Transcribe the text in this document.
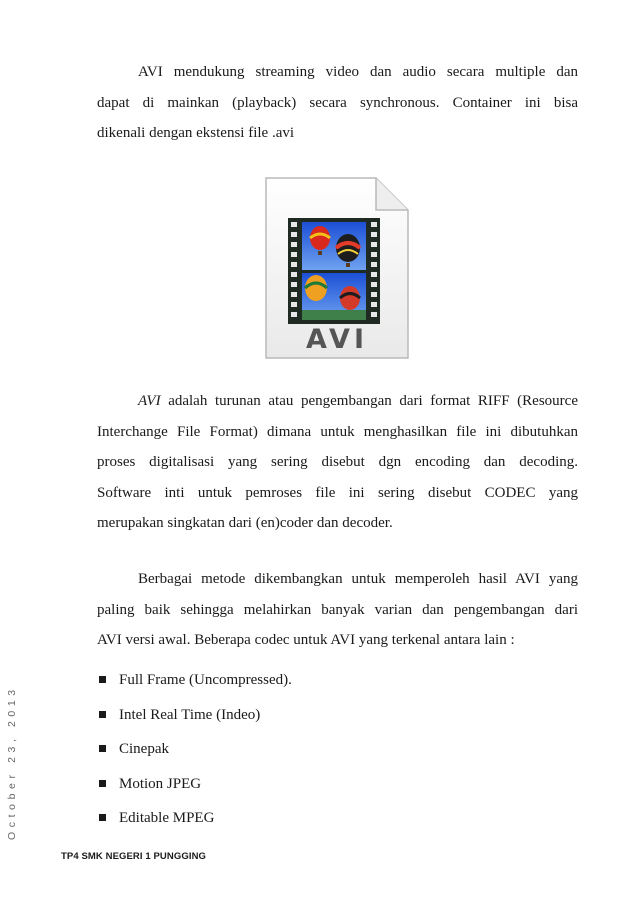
October 23, 2013

AVI mendukung streaming video dan audio secara multiple dan

dapat di mainkan (playback) secara synchronous. Container ini bisa

dikenali dengan ekstensi file .avi

AVI

AVI adalah turunan atau pengembangan dari format RIFF (Resource

Interchange File Format) dimana untuk menghasilkan file ini dibutuhkan

proses digitalisasi yang sering disebut dgn encoding dan decoding.

Software inti untuk pemroses file ini sering disebut CODEC yang

merupakan singkatan dari (en)coder dan decoder.

Berbagai metode dikembangkan untuk memperoleh hasil AVI yang

paling baik sehingga melahirkan banyak varian dan pengembangan dari

AVI versi awal. Beberapa codec untuk AVI yang terkenal antara lain :

Full Frame (Uncompressed).
Intel Real Time (Indeo)
Cinepak
Motion JPEG
Editable MPEG
TP4 SMK NEGERI 1 PUNGGING
